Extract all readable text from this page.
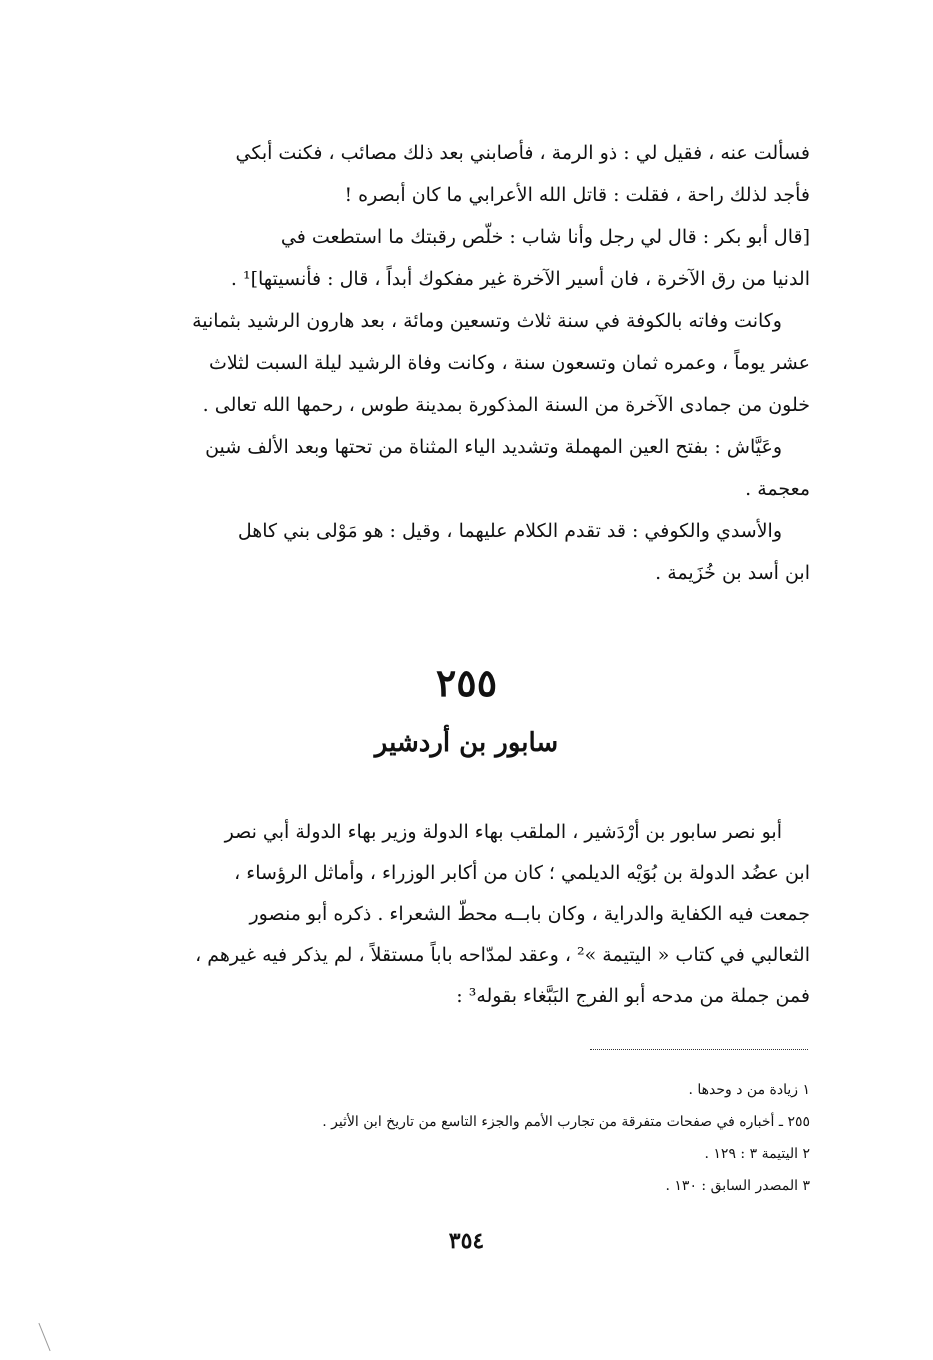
فسألت عنه ، فقيل لي : ذو الرمة ، فأصابني بعد ذلك مصائب ، فكنت أبكي
فأجد لذلك راحة ، فقلت : قاتل الله الأعرابي ما كان أبصره !
[قال أبو بكر : قال لي رجل وأنا شاب : خلّص رقبتك ما استطعت في
الدنيا من رق الآخرة ، فان أسير الآخرة غير مفكوك أبداً ، قال : فأنسيتها]¹ .
وكانت وفاته بالكوفة في سنة ثلاث وتسعين ومائة ، بعد هارون الرشيد بثمانية
عشر يوماً ، وعمره ثمان وتسعون سنة ، وكانت وفاة الرشيد ليلة السبت لثلاث
خلون من جمادى الآخرة من السنة المذكورة بمدينة طوس ، رحمها الله تعالى .
وعَيَّاش : بفتح العين المهملة وتشديد الياء المثناة من تحتها وبعد الألف شين
معجمة .
والأسدي والكوفي : قد تقدم الكلام عليهما ، وقيل : هو مَوْلى بني كاهل
ابن أسد بن خُزَيمة .
٢٥٥
سابور بن أردشير
أبو نصر سابور بن أرْدَشير ، الملقب بهاء الدولة وزير بهاء الدولة أبي نصر
ابن عضُد الدولة بن بُوَيْه الديلمي ؛ كان من أكابر الوزراء ، وأماثل الرؤساء ،
جمعت فيه الكفاية والدراية ، وكان بابــه محطّ الشعراء . ذكره أبو منصور
الثعالبي في كتاب « اليتيمة »² ، وعقد لمدّاحه باباً مستقلاً ، لم يذكر فيه غيرهم ،
فمن جملة من مدحه أبو الفرج البَبَّغاء بقوله³ :
١ زيادة من د وحدها .
٢٥٥ ـ أخباره في صفحات متفرقة من تجارب الأمم والجزء التاسع من تاريخ ابن الأثير .
٢ اليتيمة ٣ : ١٢٩ .
٣ المصدر السابق : ١٣٠ .
٣٥٤
